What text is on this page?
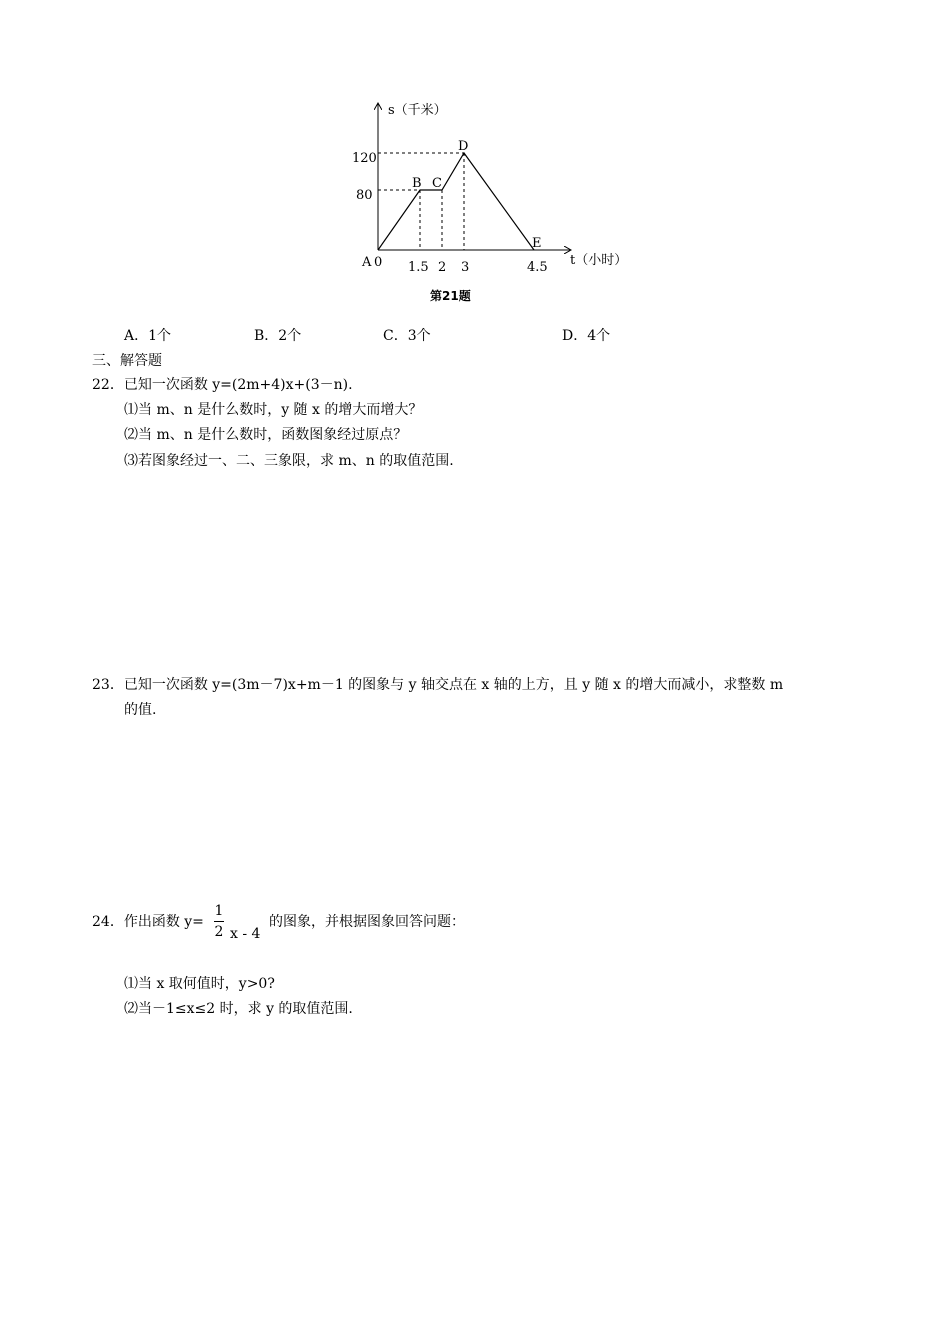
s（千米）
t（小时）
A 0
120
80
1.5 2 3	4.5
B C
D
E
第21题
A．1个	B．2个	C．3个	D．4个
三、解答题
22．已知一次函数 y=(2m+4)x+(3－n).
⑴当 m、n 是什么数时，y 随 x 的增大而增大？
⑵当 m、n 是什么数时，函数图象经过原点？
⑶若图象经过一、二、三象限，求 m、n 的取值范围.
23．已知一次函数 y=(3m－7)x+m－1 的图象与 y 轴交点在 x 轴的上方，且 y 随 x 的增大而减小，求整数 m
的值.
24．作出函数 y=
1
2 x - 4
的图象，并根据图象回答问题：
⑴当 x 取何值时，y>0?
⑵当－1≤x≤2 时，求 y 的取值范围.
